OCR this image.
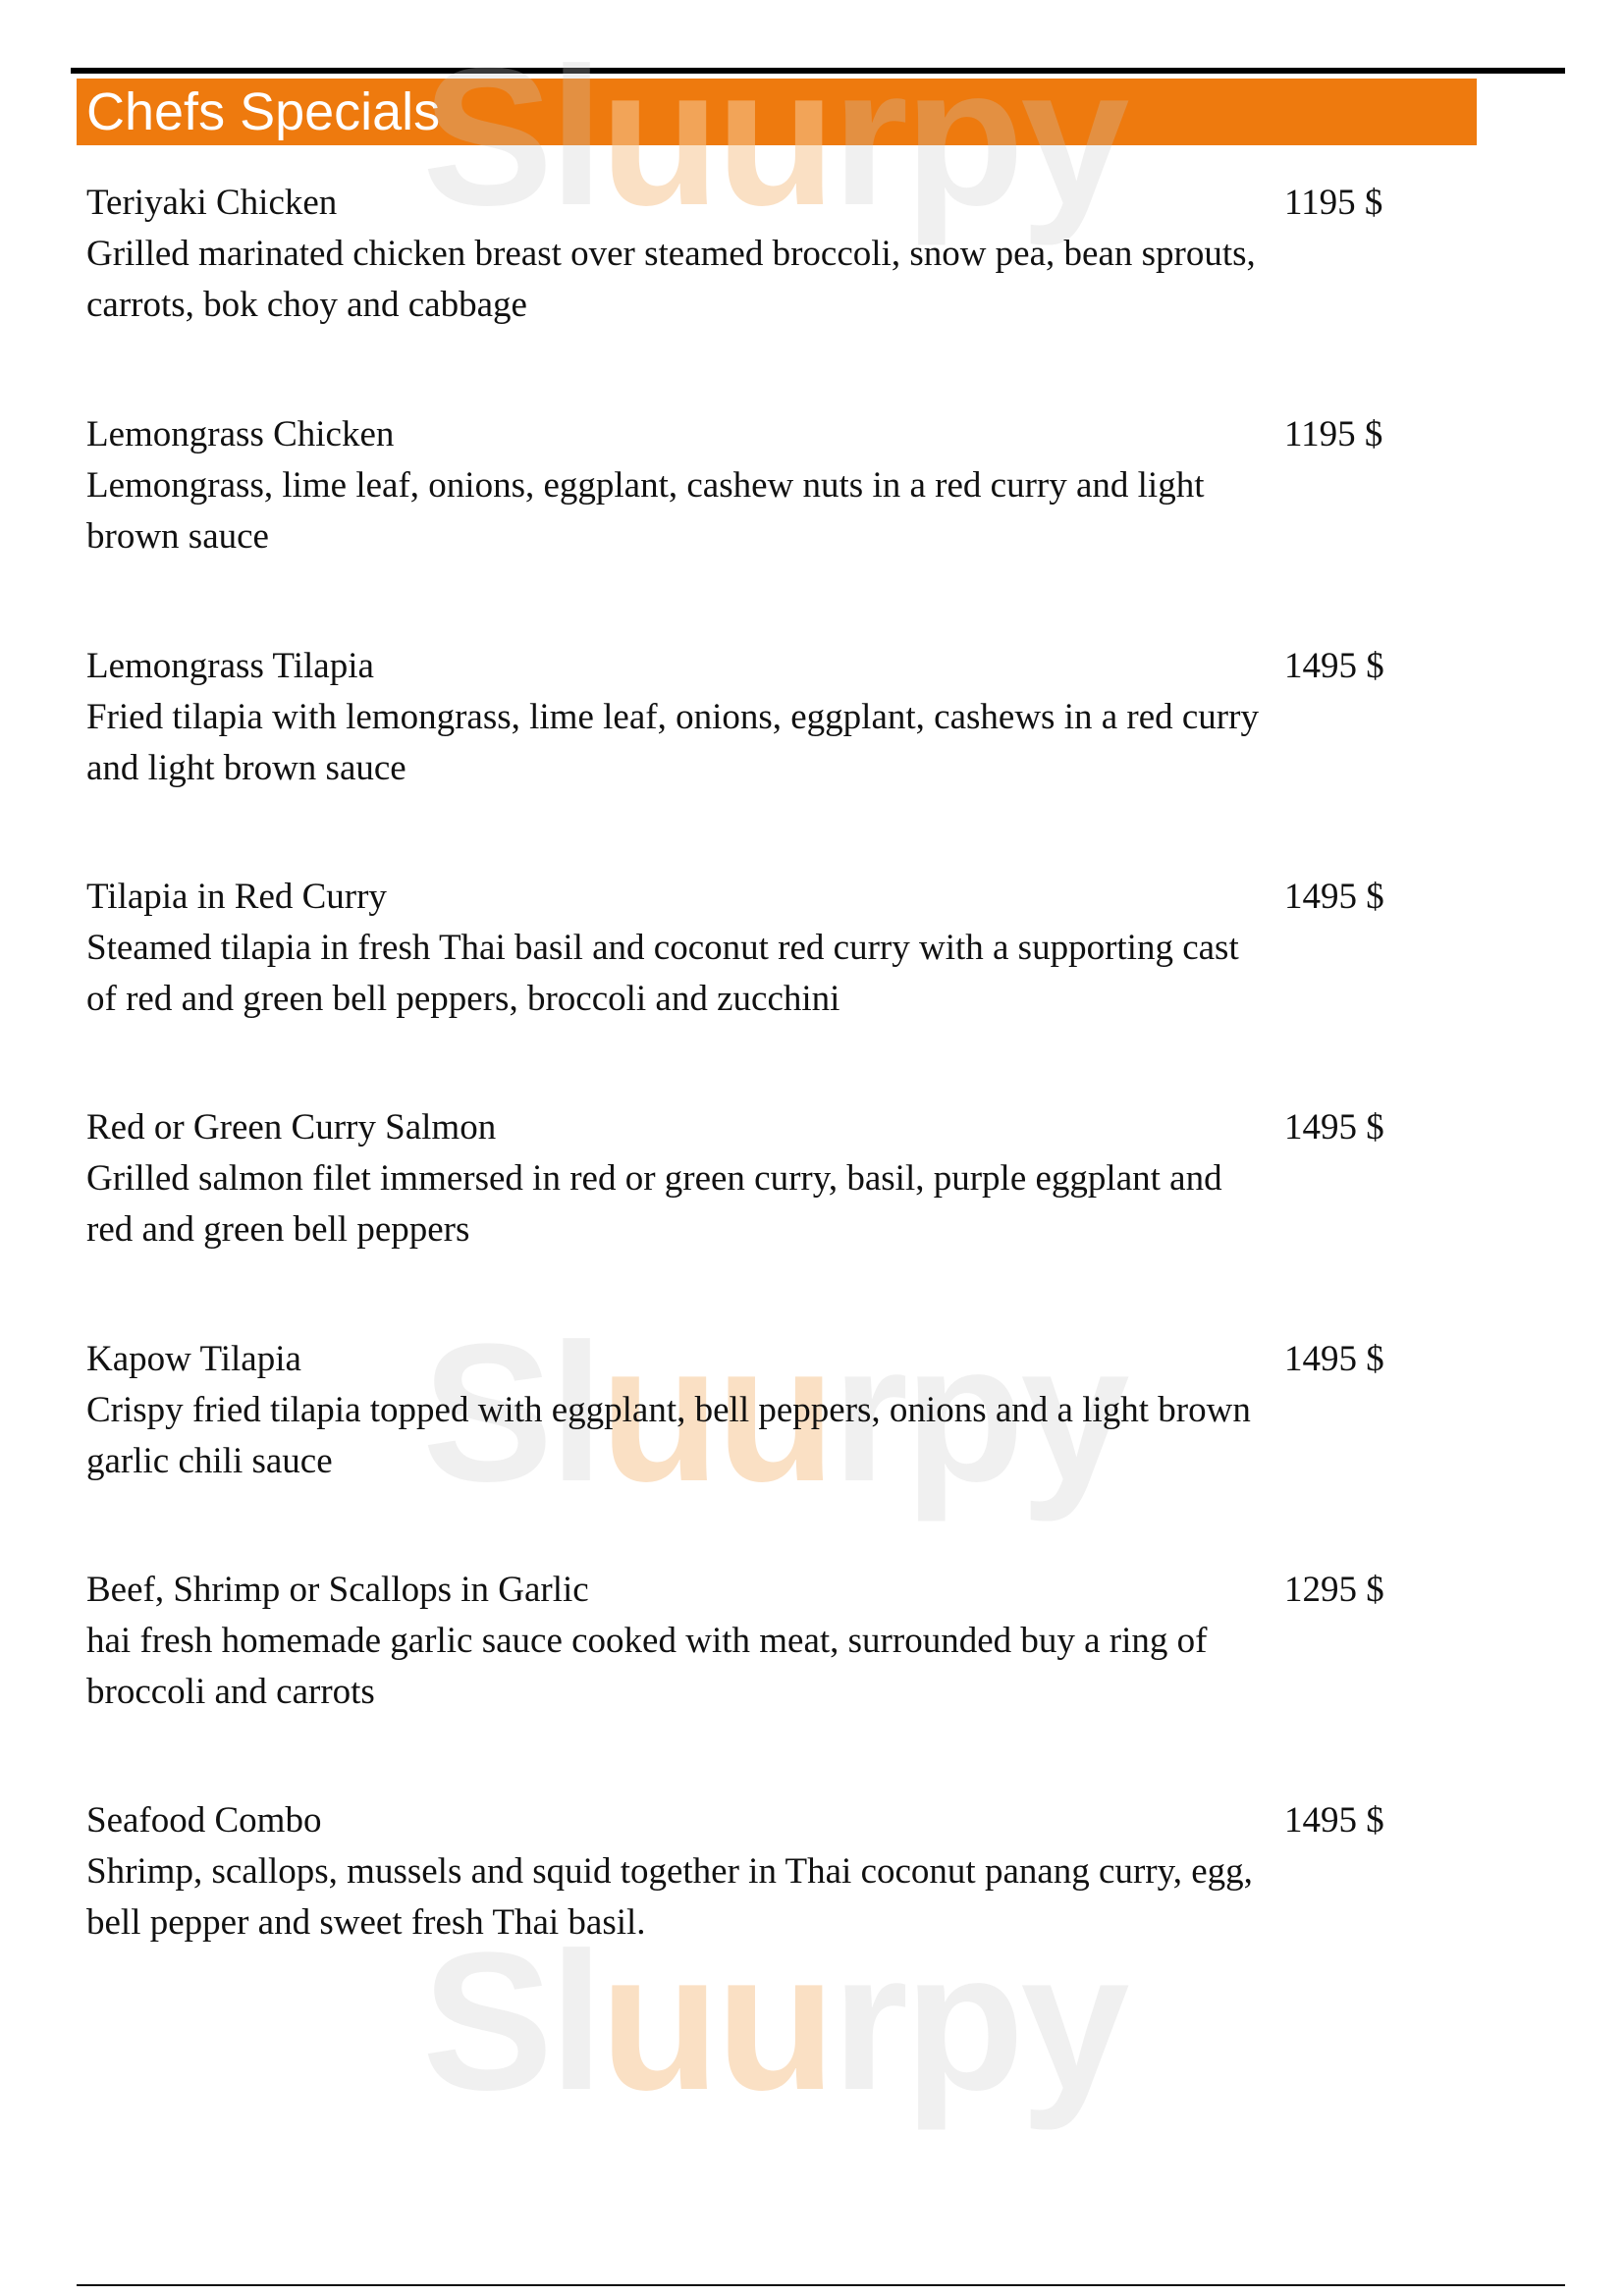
Chefs Specials
Sluurpy
Sluurpy
Sluurpy
Teriyaki Chicken	1195 $
Grilled marinated chicken breast over steamed broccoli, snow pea, bean sprouts, carrots, bok choy and cabbage
Lemongrass Chicken	1195 $
Lemongrass, lime leaf, onions, eggplant, cashew nuts in a red curry and light brown sauce
Lemongrass Tilapia	1495 $
Fried tilapia with lemongrass, lime leaf, onions, eggplant, cashews in a red curry and light brown sauce
Tilapia in Red Curry	1495 $
Steamed tilapia in fresh Thai basil and coconut red curry with a supporting cast of red and green bell peppers, broccoli and zucchini
Red or Green Curry Salmon	1495 $
Grilled salmon filet immersed in red or green curry, basil, purple eggplant and red and green bell peppers
Kapow Tilapia	1495 $
Crispy fried tilapia topped with eggplant, bell peppers, onions and a light brown garlic chili sauce
Beef, Shrimp or Scallops in Garlic	1295 $
hai fresh homemade garlic sauce cooked with meat, surrounded buy a ring of broccoli and carrots
Seafood Combo	1495 $
Shrimp, scallops, mussels and squid together in Thai coconut panang curry, egg, bell pepper and sweet fresh Thai basil.
